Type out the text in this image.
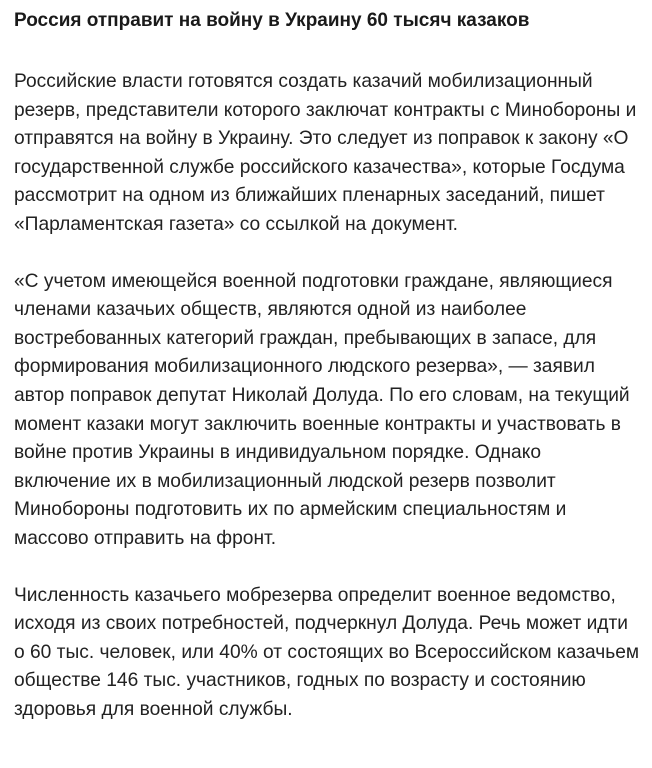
Россия отправит на войну в Украину 60 тысяч казаков

Российские власти готовятся создать казачий мобилизационный резерв, представители которого заключат контракты с Минобороны и отправятся на войну в Украину. Это следует из поправок к закону «О государственной службе российского казачества», которые Госдума рассмотрит на одном из ближайших пленарных заседаний, пишет «Парламентская газета» со ссылкой на документ.

«С учетом имеющейся военной подготовки граждане, являющиеся членами казачьих обществ, являются одной из наиболее востребованных категорий граждан, пребывающих в запасе, для формирования мобилизационного людского резерва», — заявил автор поправок депутат Николай Долуда. По его словам, на текущий момент казаки могут заключить военные контракты и участвовать в войне против Украины в индивидуальном порядке. Однако включение их в мобилизационный людской резерв позволит Минобороны подготовить их по армейским специальностям и массово отправить на фронт.

Численность казачьего мобрезерва определит военное ведомство, исходя из своих потребностей, подчеркнул Долуда. Речь может идти о 60 тыс. человек, или 40% от состоящих во Всероссийском казачьем обществе 146 тыс. участников, годных по возрасту и состоянию здоровья для военной службы.
